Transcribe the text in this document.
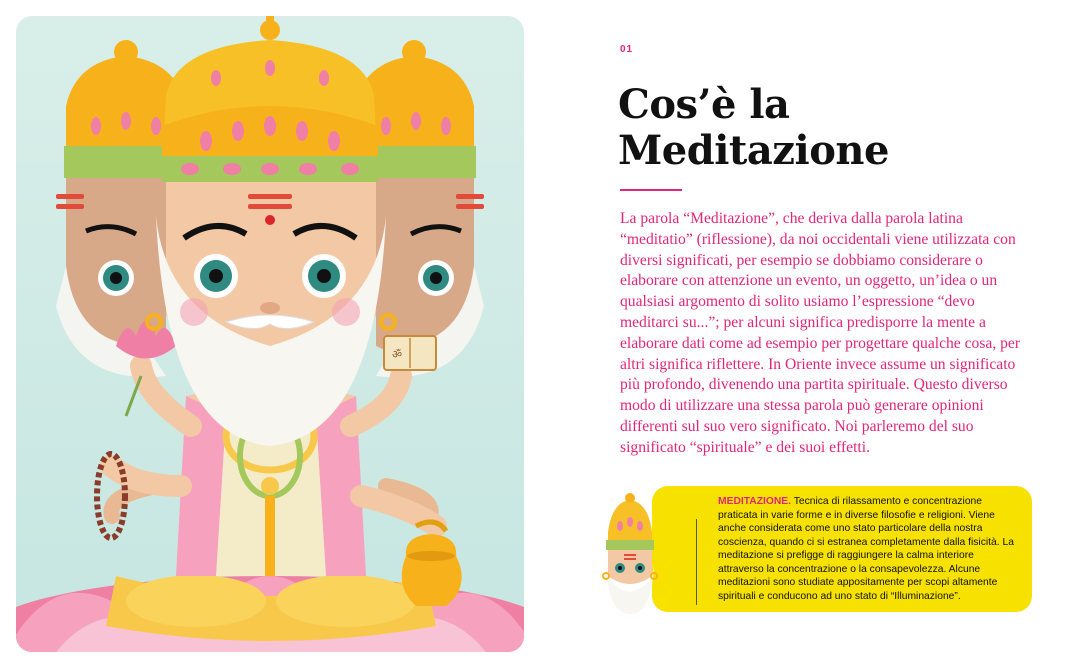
ॐ
01
Cos’è la
Meditazione

La parola “Meditazione”, che deriva dalla parola latina “meditatio” (riflessione), da noi occidentali viene utilizzata con diversi significati, per esempio se dobbiamo considerare o elaborare con attenzione un evento, un oggetto, un’idea o un qualsiasi argomento di solito usiamo l’espressione “devo meditarci su...”; per alcuni significa predisporre la mente a elaborare dati come ad esempio per progettare qualche cosa, per altri significa riflettere. In Oriente invece assume un significato più profondo, divenendo una partita spirituale. Questo diverso modo di utilizzare una stessa parola può generare opinioni differenti sul suo vero significato. Noi parleremo del suo significato “spirituale” e dei suoi effetti.

MEDITAZIONE. Tecnica di rilassamento e concentrazione praticata in varie forme e in diverse filosofie e religioni. Viene anche considerata come uno stato particolare della nostra coscienza, quando ci si estranea completamente dalla fisicità. La meditazione si prefigge di raggiungere la calma interiore attraverso la concentrazione o la consapevolezza. Alcune meditazioni sono studiate appositamente per scopi altamente spirituali e conducono ad uno stato di “Illuminazione”.
